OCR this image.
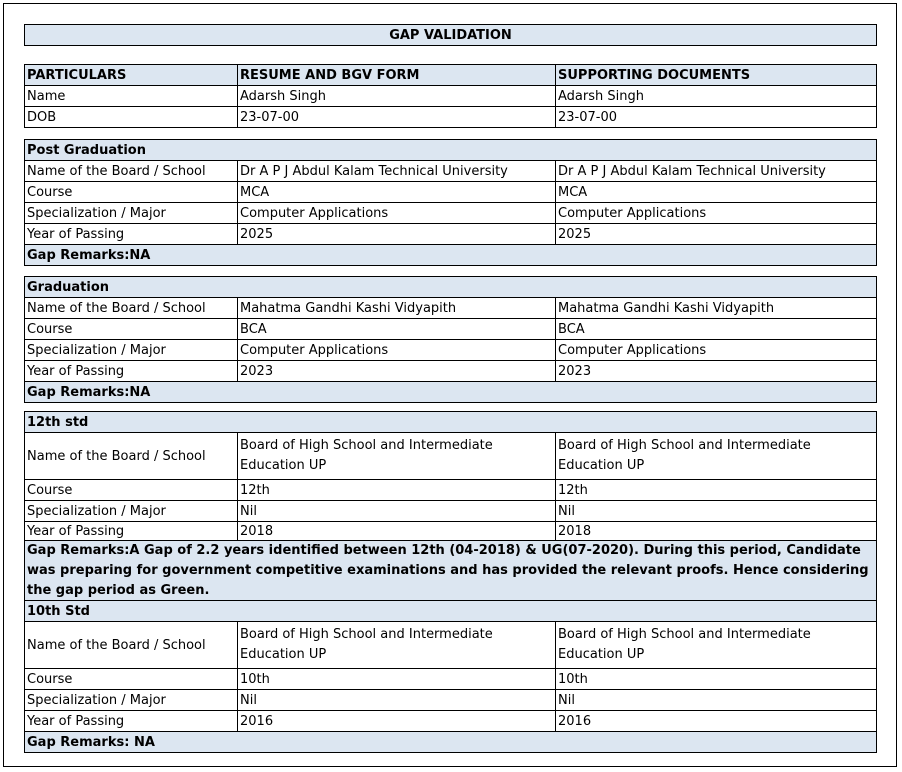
GAP VALIDATION
PARTICULARS	RESUME AND BGV FORM	SUPPORTING DOCUMENTS
Name	Adarsh Singh	Adarsh Singh
DOB	23-07-00	23-07-00
Post Graduation		
Name of the Board / School	Dr A P J Abdul Kalam Technical University	Dr A P J Abdul Kalam Technical University
Course	MCA	MCA
Specialization / Major	Computer Applications	Computer Applications
Year of Passing	2025	2025
Gap Remarks:NA		
Graduation		
Name of the Board / School	Mahatma Gandhi Kashi Vidyapith	Mahatma Gandhi Kashi Vidyapith
Course	BCA	BCA
Specialization / Major	Computer Applications	Computer Applications
Year of Passing	2023	2023
Gap Remarks:NA		
12th std		
Name of the Board / School	Board of High School and Intermediate Education UP	Board of High School and Intermediate Education UP
Course	12th	12th
Specialization / Major	Nil	Nil
Year of Passing	2018	2018
Gap Remarks:A Gap of 2.2 years identified between 12th (04-2018) & UG(07-2020). During this period, Candidate was preparing for government competitive examinations and has provided the relevant proofs. Hence considering the gap period as Green.		
10th Std		
Name of the Board / School	Board of High School and Intermediate Education UP	Board of High School and Intermediate Education UP
Course	10th	10th
Specialization / Major	Nil	Nil
Year of Passing	2016	2016
Gap Remarks: NA		
